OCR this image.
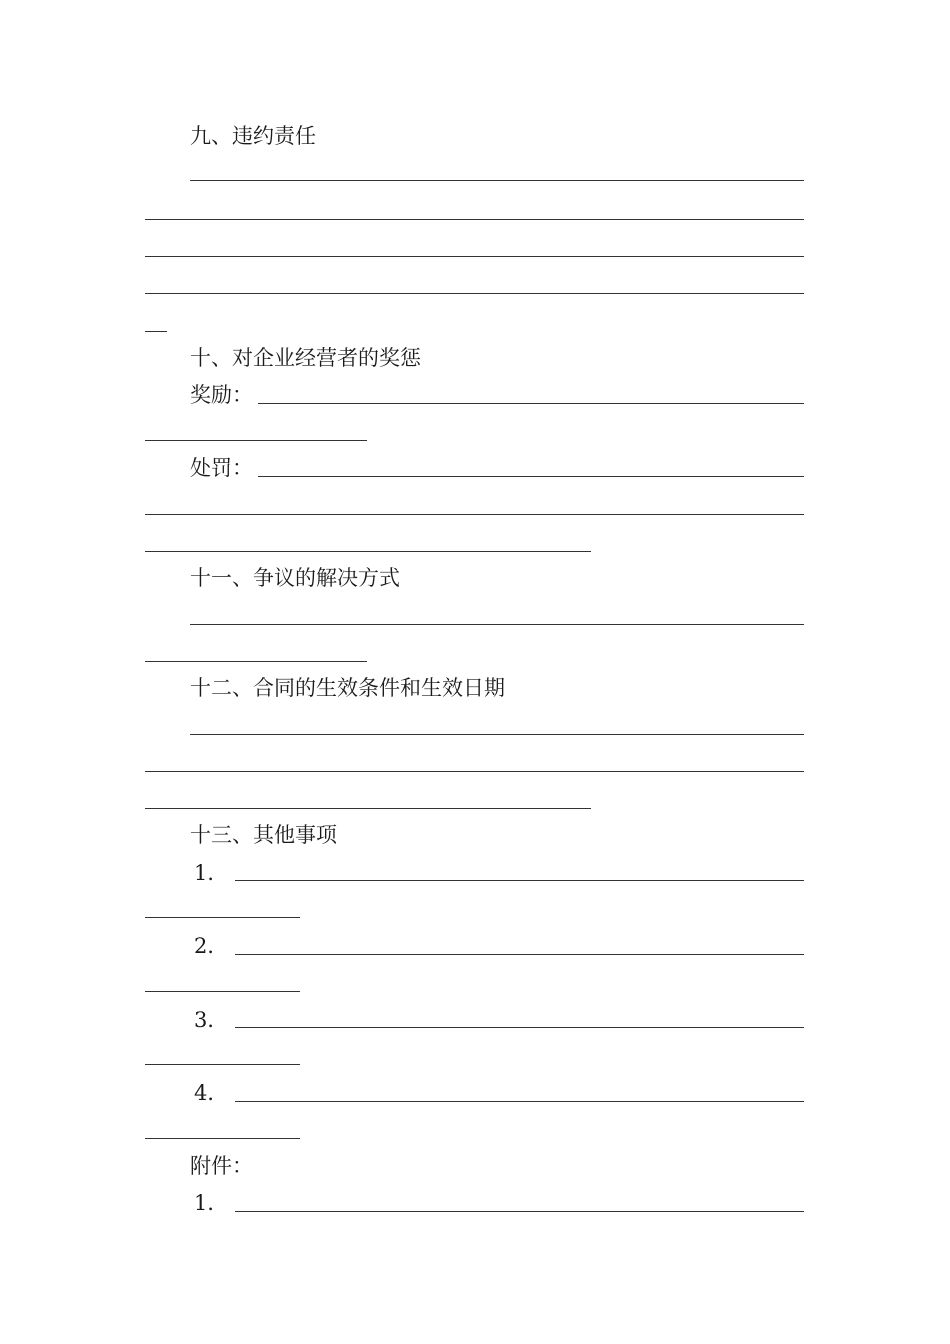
九、违约责任
十、对企业经营者的奖惩
奖励：
处罚：
十一、争议的解决方式
十二、合同的生效条件和生效日期
十三、其他事项
1．
2．
3．
4．
附件：
1．
